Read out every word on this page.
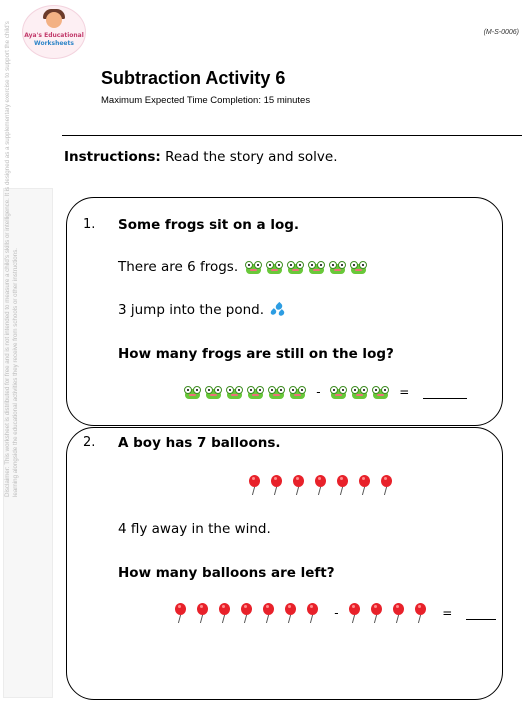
Aya's Educational
Worksheets
(M-S-0006)
Subtraction Activity 6
Maximum Expected Time Completion: 15 minutes
Instructions: Read the story and solve.
Disclaimer: This worksheet is distributed for free and is not intended to measure a child's skills or intelligence. It is designed as a supplementary exercise to support the child's learning alongside the educational activities they receive from schools or other instructions.
1. Some frogs sit on a log.
There are 6 frogs.
3 jump into the pond.
How many frogs are still on the log?
-	=
2. A boy has 7 balloons.
4 fly away in the wind.
How many balloons are left?
-	=
